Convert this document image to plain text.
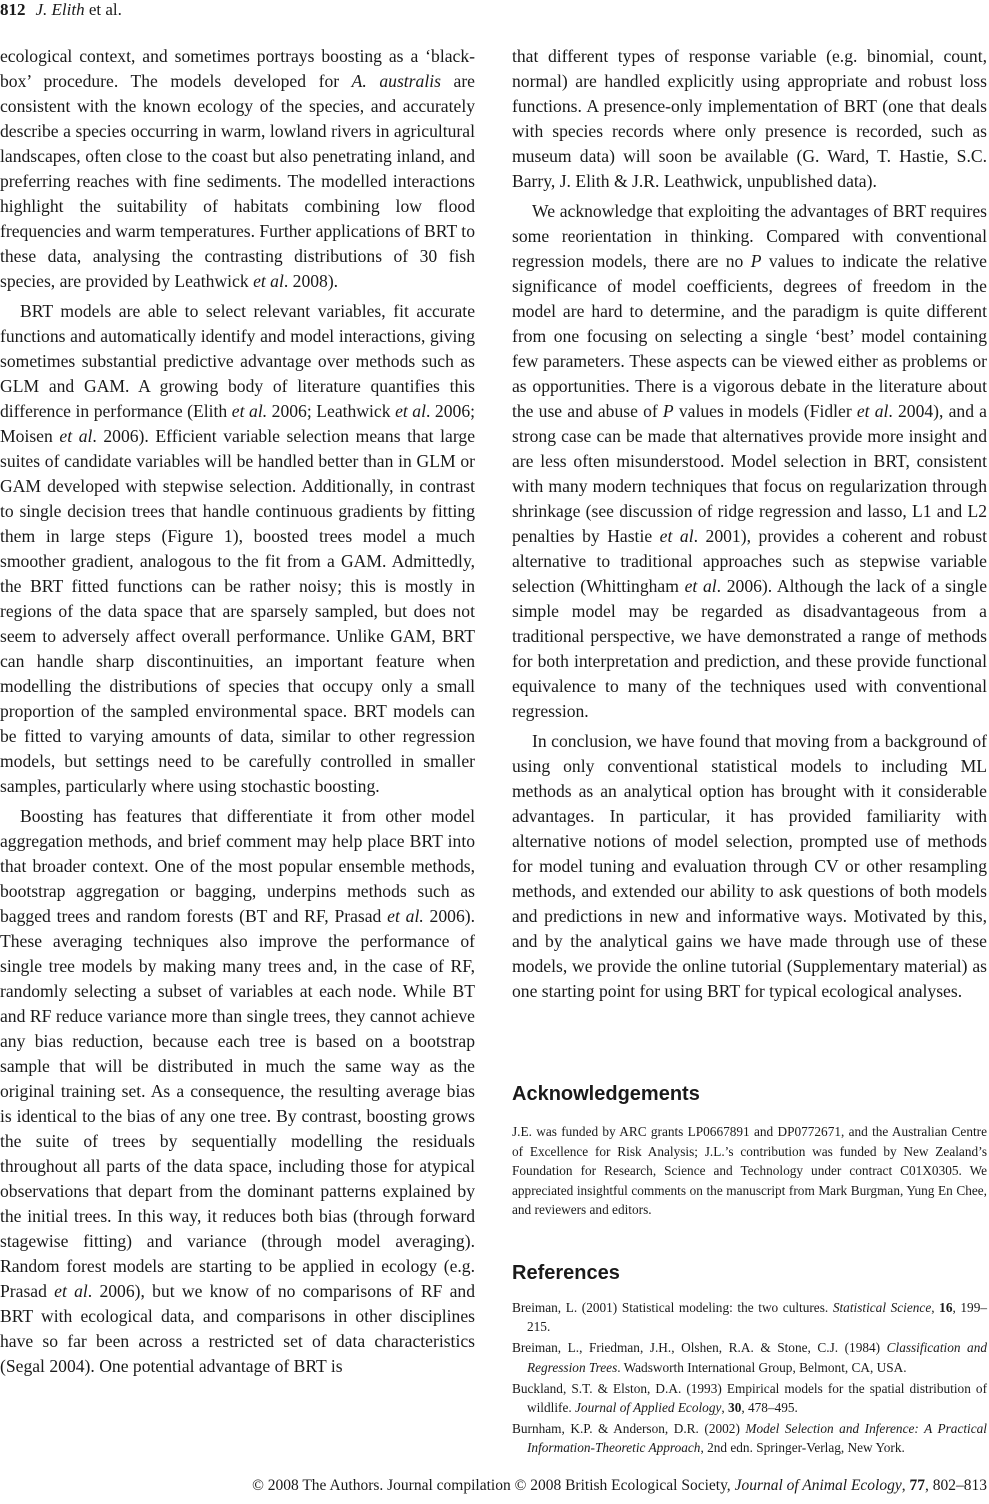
812 J. Elith et al.

ecological context, and sometimes portrays boosting as a ‘black-box’ procedure. The models developed for A. australis are consistent with the known ecology of the species, and accurately describe a species occurring in warm, lowland rivers in agricultural landscapes, often close to the coast but also penetrating inland, and preferring reaches with fine sediments. The modelled interactions highlight the suitability of habitats combining low flood frequencies and warm temperatures. Further applications of BRT to these data, analysing the contrasting distributions of 30 fish species, are provided by Leathwick et al. 2008).

BRT models are able to select relevant variables, fit accurate functions and automatically identify and model interactions, giving sometimes substantial predictive advantage over methods such as GLM and GAM. A growing body of literature quantifies this difference in performance (Elith et al. 2006; Leathwick et al. 2006; Moisen et al. 2006). Efficient variable selection means that large suites of candidate variables will be handled better than in GLM or GAM developed with stepwise selection. Additionally, in contrast to single decision trees that handle continuous gradients by fitting them in large steps (Figure 1), boosted trees model a much smoother gradient, analogous to the fit from a GAM. Admittedly, the BRT fitted functions can be rather noisy; this is mostly in regions of the data space that are sparsely sampled, but does not seem to adversely affect overall performance. Unlike GAM, BRT can handle sharp discontinuities, an important feature when modelling the distributions of species that occupy only a small proportion of the sampled environmental space. BRT models can be fitted to varying amounts of data, similar to other regression models, but settings need to be carefully controlled in smaller samples, particularly where using stochastic boosting.

Boosting has features that differentiate it from other model aggregation methods, and brief comment may help place BRT into that broader context. One of the most popular ensemble methods, bootstrap aggregation or bagging, underpins methods such as bagged trees and random forests (BT and RF, Prasad et al. 2006). These averaging techniques also improve the performance of single tree models by making many trees and, in the case of RF, randomly selecting a subset of variables at each node. While BT and RF reduce variance more than single trees, they cannot achieve any bias reduction, because each tree is based on a bootstrap sample that will be distributed in much the same way as the original training set. As a consequence, the resulting average bias is identical to the bias of any one tree. By contrast, boosting grows the suite of trees by sequentially modelling the residuals throughout all parts of the data space, including those for atypical observations that depart from the dominant patterns explained by the initial trees. In this way, it reduces both bias (through forward stagewise fitting) and variance (through model averaging). Random forest models are starting to be applied in ecology (e.g. Prasad et al. 2006), but we know of no comparisons of RF and BRT with ecological data, and comparisons in other disciplines have so far been across a restricted set of data characteristics (Segal 2004). One potential advantage of BRT is

that different types of response variable (e.g. binomial, count, normal) are handled explicitly using appropriate and robust loss functions. A presence-only implementation of BRT (one that deals with species records where only presence is recorded, such as museum data) will soon be available (G. Ward, T. Hastie, S.C. Barry, J. Elith & J.R. Leathwick, unpublished data).

We acknowledge that exploiting the advantages of BRT requires some reorientation in thinking. Compared with conventional regression models, there are no P values to indicate the relative significance of model coefficients, degrees of freedom in the model are hard to determine, and the paradigm is quite different from one focusing on selecting a single ‘best’ model containing few parameters. These aspects can be viewed either as problems or as opportunities. There is a vigorous debate in the literature about the use and abuse of P values in models (Fidler et al. 2004), and a strong case can be made that alternatives provide more insight and are less often misunderstood. Model selection in BRT, consistent with many modern techniques that focus on regularization through shrinkage (see discussion of ridge regression and lasso, L1 and L2 penalties by Hastie et al. 2001), provides a coherent and robust alternative to traditional approaches such as stepwise variable selection (Whittingham et al. 2006). Although the lack of a single simple model may be regarded as disadvantageous from a traditional perspective, we have demonstrated a range of methods for both interpretation and prediction, and these provide functional equivalence to many of the techniques used with conventional regression.

In conclusion, we have found that moving from a background of using only conventional statistical models to including ML methods as an analytical option has brought with it considerable advantages. In particular, it has provided familiarity with alternative notions of model selection, prompted use of methods for model tuning and evaluation through CV or other resampling methods, and extended our ability to ask questions of both models and predictions in new and informative ways. Motivated by this, and by the analytical gains we have made through use of these models, we provide the online tutorial (Supplementary material) as one starting point for using BRT for typical ecological analyses.

Acknowledgements

J.E. was funded by ARC grants LP0667891 and DP0772671, and the Australian Centre of Excellence for Risk Analysis; J.L.’s contribution was funded by New Zealand’s Foundation for Research, Science and Technology under contract C01X0305. We appreciated insightful comments on the manuscript from Mark Burgman, Yung En Chee, and reviewers and editors.

References

Breiman, L. (2001) Statistical modeling: the two cultures. Statistical Science, 16, 199–215.

Breiman, L., Friedman, J.H., Olshen, R.A. & Stone, C.J. (1984) Classification and Regression Trees. Wadsworth International Group, Belmont, CA, USA.

Buckland, S.T. & Elston, D.A. (1993) Empirical models for the spatial distribution of wildlife. Journal of Applied Ecology, 30, 478–495.

Burnham, K.P. & Anderson, D.R. (2002) Model Selection and Inference: A Practical Information-Theoretic Approach, 2nd edn. Springer-Verlag, New York.

© 2008 The Authors. Journal compilation © 2008 British Ecological Society, Journal of Animal Ecology, 77, 802–813
